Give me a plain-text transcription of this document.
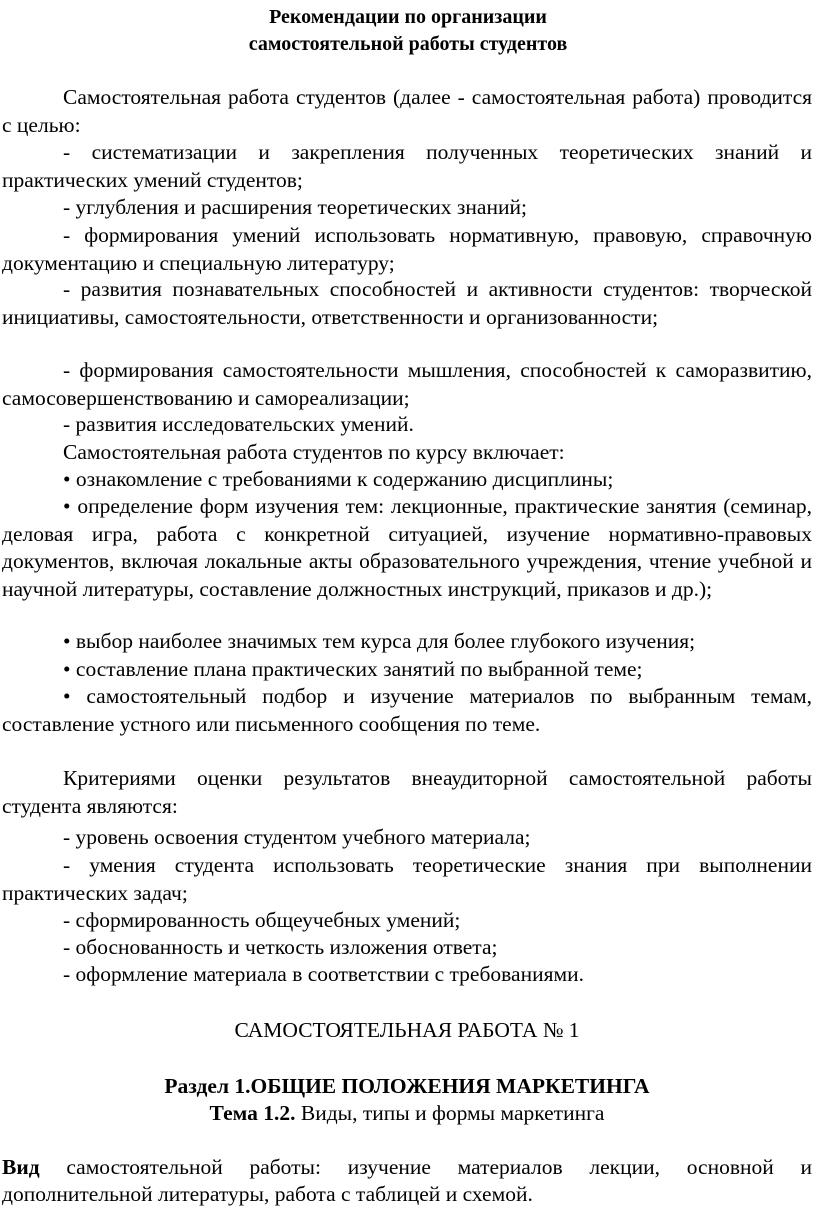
Рекомендации по организации
самостоятельной работы студентов
Самостоятельная работа студентов (далее - самостоятельная работа) проводится с целью:
- систематизации и закрепления полученных теоретических знаний и практических умений студентов;
- углубления и расширения теоретических знаний;
- формирования умений использовать нормативную, правовую, справочную документацию и специальную литературу;
- развития познавательных способностей и активности студентов: творческой инициативы, самостоятельности, ответственности и организованности;
- формирования самостоятельности мышления, способностей к саморазвитию, самосовершенствованию и самореализации;
- развития исследовательских умений.
Самостоятельная работа студентов по курсу включает:
• ознакомление с требованиями к содержанию дисциплины;
• определение форм изучения тем: лекционные, практические занятия (семинар, деловая игра, работа с конкретной ситуацией, изучение нормативно-правовых документов, включая локальные акты образовательного учреждения, чтение учебной и научной литературы, составление должностных инструкций, приказов и др.);
• выбор наиболее значимых тем курса для более глубокого изучения;
• составление плана практических занятий по выбранной теме;
• самостоятельный подбор и изучение материалов по выбранным темам, составление устного или письменного сообщения по теме.
Критериями оценки результатов внеаудиторной самостоятельной работы студента являются:
- уровень освоения студентом учебного материала;
- умения студента использовать теоретические знания при выполнении практических задач;
- сформированность общеучебных умений;
- обоснованность и четкость изложения ответа;
- оформление материала в соответствии с требованиями.
САМОСТОЯТЕЛЬНАЯ РАБОТА № 1
Раздел 1.ОБЩИЕ ПОЛОЖЕНИЯ МАРКЕТИНГА
Тема 1.2. Виды, типы и формы маркетинга
Вид самостоятельной работы: изучение материалов лекции, основной и
дополнительной литературы, работа с таблицей и схемой.
